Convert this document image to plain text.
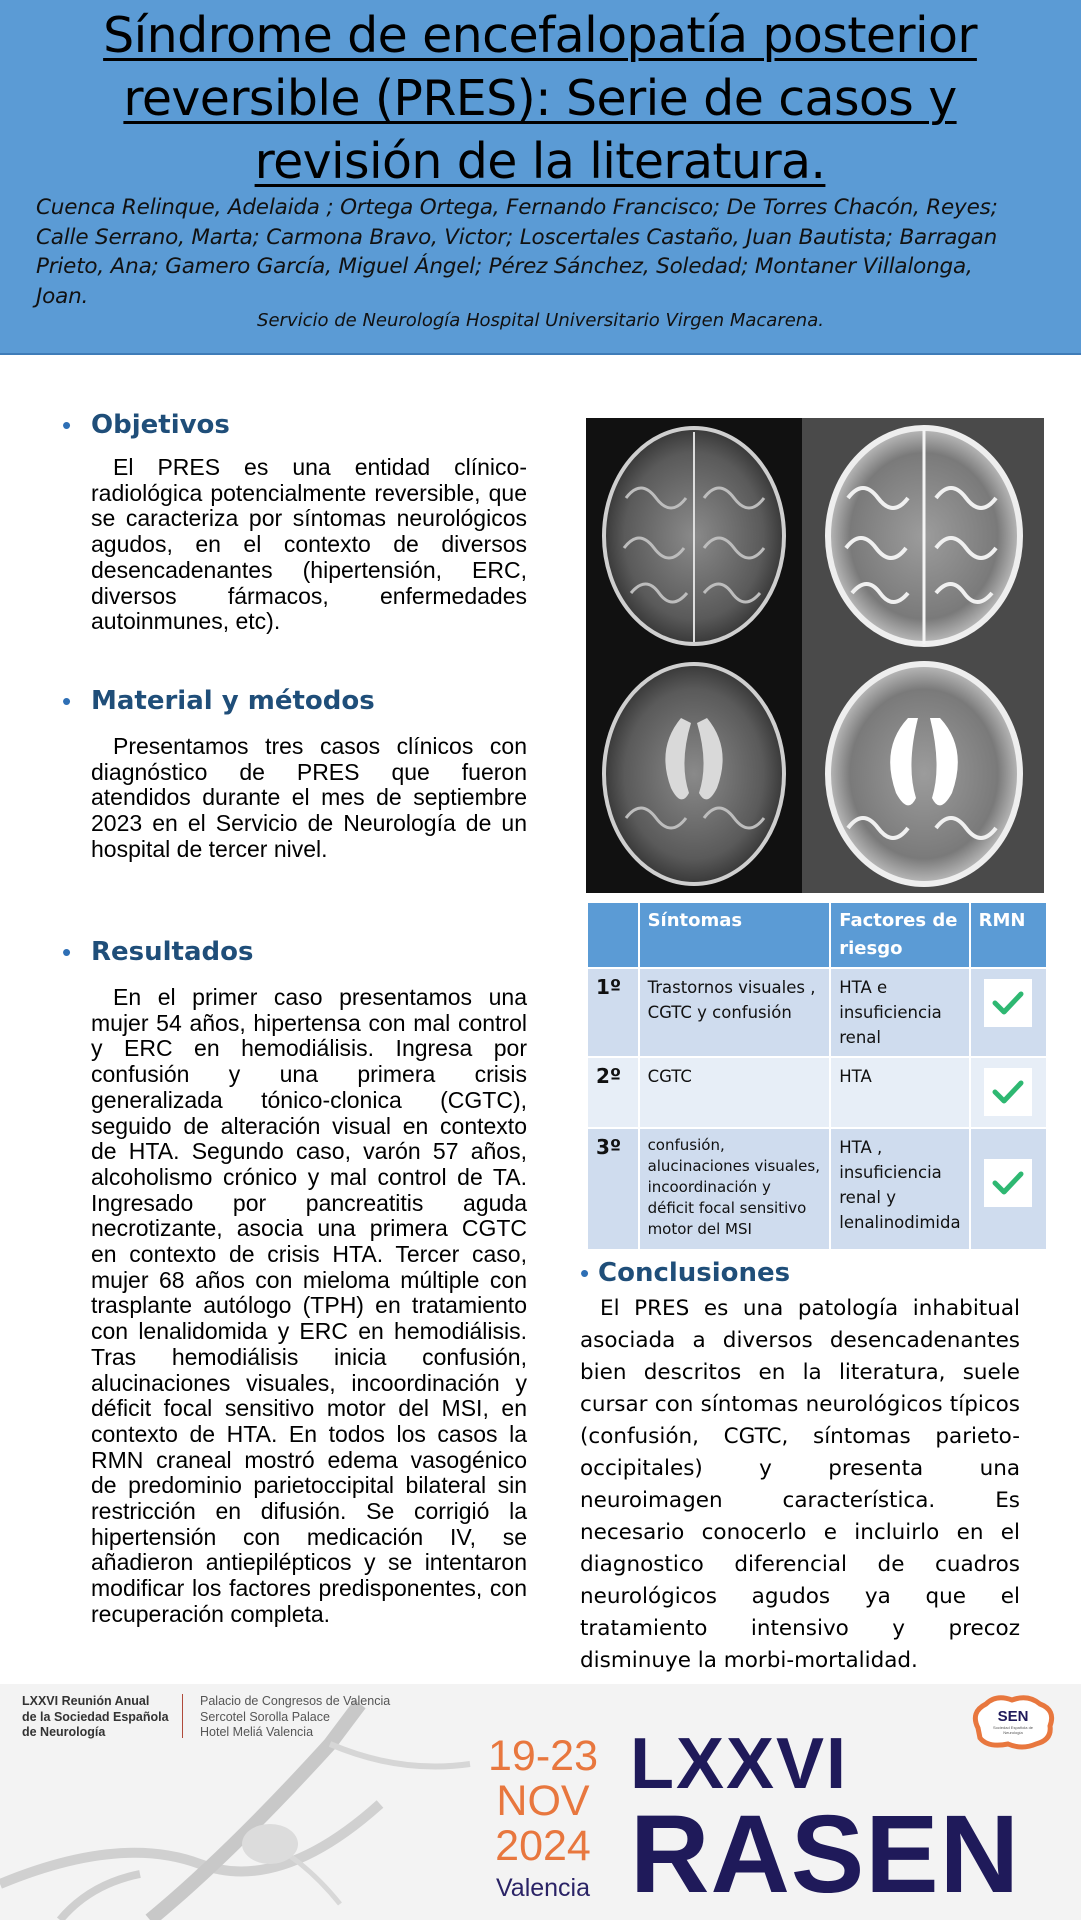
Síndrome de encefalopatía posterior
reversible (PRES): Serie de casos y
revisión de la literatura.
Cuenca Relinque, Adelaida ; Ortega Ortega, Fernando Francisco; De Torres Chacón, Reyes;
Calle Serrano, Marta; Carmona Bravo, Victor; Loscertales Castaño, Juan Bautista; Barragan
Prieto, Ana; Gamero García, Miguel Ángel; Pérez Sánchez, Soledad; Montaner Villalonga,
Joan.
Servicio de Neurología Hospital Universitario Virgen Macarena.
• Objetivos
El PRES es una entidad clínico-radiológica potencialmente reversible, que se caracteriza por síntomas neurológicos agudos, en el contexto de diversos desencadenantes (hipertensión, ERC, diversos fármacos, enfermedades autoinmunes, etc).
• Material y métodos
Presentamos tres casos clínicos con diagnóstico de PRES que fueron atendidos durante el mes de septiembre 2023 en el Servicio de Neurología de un hospital de tercer nivel.
• Resultados
En el primer caso presentamos una mujer 54 años, hipertensa con mal control y ERC en hemodiálisis. Ingresa por confusión y una primera crisis generalizada tónico-clonica (CGTC), seguido de alteración visual en contexto de HTA. Segundo caso, varón 57 años, alcoholismo crónico y mal control de TA. Ingresado por pancreatitis aguda necrotizante, asocia una primera CGTC en contexto de crisis HTA. Tercer caso, mujer 68 años con mieloma múltiple con trasplante autólogo (TPH) en tratamiento con lenalidomida y ERC en hemodiálisis. Tras hemodiálisis inicia confusión, alucinaciones visuales, incoordinación y déficit focal sensitivo motor del MSI, en contexto de HTA. En todos los casos la RMN craneal mostró edema vasogénico de predominio parietoccipital bilateral sin restricción en difusión. Se corrigió la hipertensión con medicación IV, se añadieron antiepilépticos y se intentaron modificar los factores predisponentes, con recuperación completa.
	Síntomas	Factores de riesgo	RMN
1º	Trastornos visuales , CGTC y confusión	HTA e insuficiencia renal	

2º	CGTC	HTA	

3º	confusión, alucinaciones visuales, incoordinación y déficit focal sensitivo motor del MSI	HTA , insuficiencia renal y lenalinodimida	
• Conclusiones
El PRES es una patología inhabitual asociada a diversos desencadenantes bien descritos en la literatura, suele cursar con síntomas neurológicos típicos (confusión, CGTC, síntomas parieto-occipitales) y presenta una neuroimagen característica. Es necesario conocerlo e incluirlo en el diagnostico diferencial de cuadros neurológicos agudos ya que el tratamiento intensivo y precoz disminuye la morbi-mortalidad.
LXXVI Reunión Anual
de la Sociedad Española
de Neurología
Palacio de Congresos de Valencia
Sercotel Sorolla Palace
Hotel Meliá Valencia	19-23
NOV
2024
Valencia
LXXVI
RASEN
SEN
Sociedad Española de Neurología
